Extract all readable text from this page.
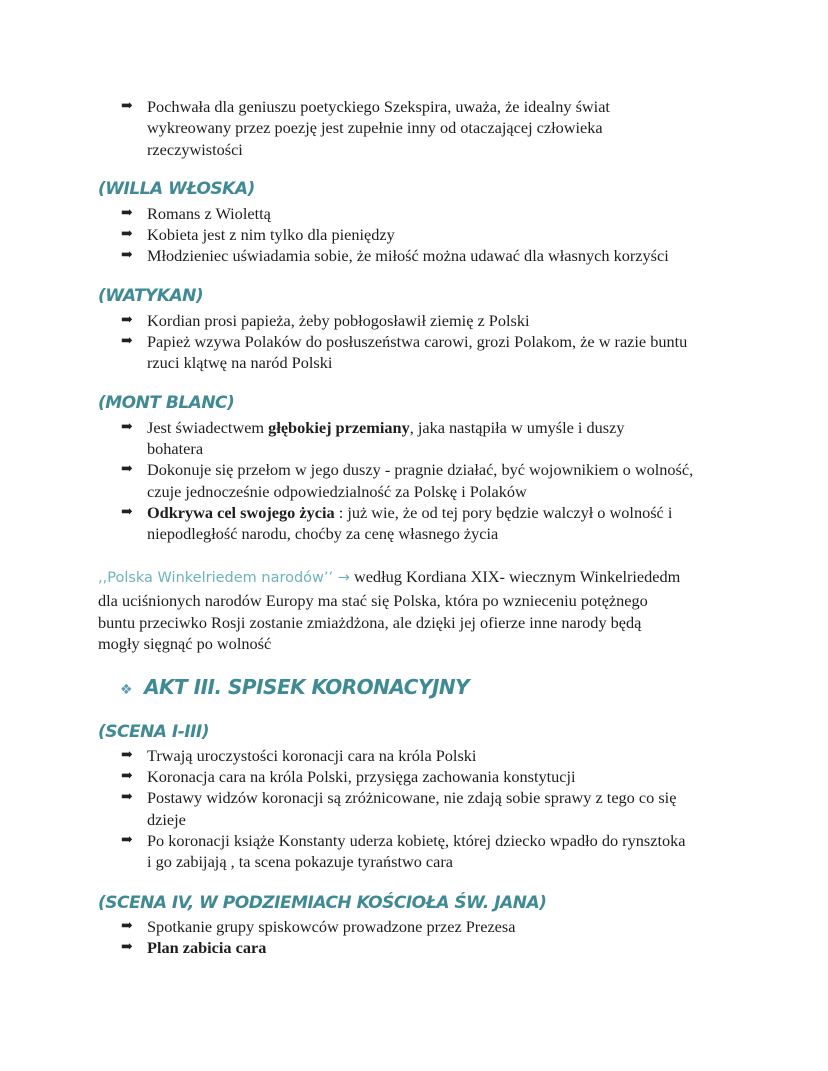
➡ Pochwała dla geniuszu poetyckiego Szekspira, uważa, że idealny świat
wykreowany przez poezję jest zupełnie inny od otaczającej człowieka
rzeczywistości
(WILLA WŁOSKA)
➡ Romans z Wiolettą
➡ Kobieta jest z nim tylko dla pieniędzy
➡ Młodzieniec uświadamia sobie, że miłość można udawać dla własnych korzyści
(WATYKAN)
➡ Kordian prosi papieża, żeby pobłogosławił ziemię z Polski
➡ Papież wzywa Polaków do posłuszeństwa carowi, grozi Polakom, że w razie buntu
rzuci klątwę na naród Polski
(MONT BLANC)
➡ Jest świadectwem głębokiej przemiany, jaka nastąpiła w umyśle i duszy
bohatera
➡ Dokonuje się przełom w jego duszy - pragnie działać, być wojownikiem o wolność,
czuje jednocześnie odpowiedzialność za Polskę i Polaków
➡ Odkrywa cel swojego życia : już wie, że od tej pory będzie walczył o wolność i
niepodległość narodu, choćby za cenę własnego życia
,,Polska Winkelriedem narodów’’ → według Kordiana XIX- wiecznym Winkelriededm
dla uciśnionych narodów Europy ma stać się Polska, która po wznieceniu potężnego
buntu przeciwko Rosji zostanie zmiażdżona, ale dzięki jej ofierze inne narody będą
mogły sięgnąć po wolność
❖ AKT III. SPISEK KORONACYJNY
(SCENA I-III)
➡ Trwają uroczystości koronacji cara na króla Polski
➡ Koronacja cara na króla Polski, przysięga zachowania konstytucji
➡ Postawy widzów koronacji są zróżnicowane, nie zdają sobie sprawy z tego co się
dzieje
➡ Po koronacji książe Konstanty uderza kobietę, której dziecko wpadło do rynsztoka
i go zabijają , ta scena pokazuje tyraństwo cara
(SCENA IV, W PODZIEMIACH KOŚCIOŁA ŚW. JANA)
➡ Spotkanie grupy spiskowców prowadzone przez Prezesa
➡ Plan zabicia cara
